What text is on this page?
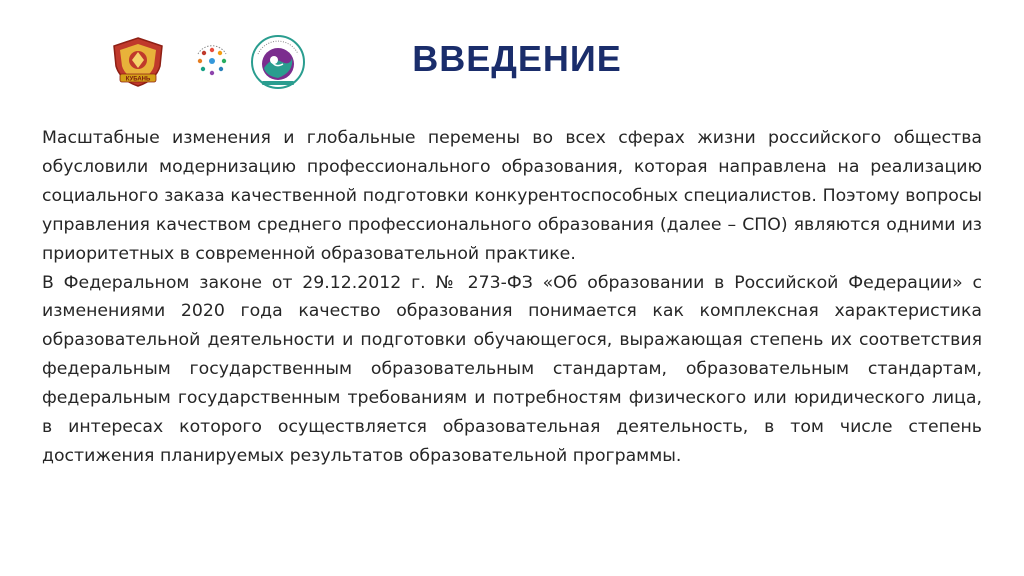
КУБАНЬ
ВВЕДЕНИЕ

Масштабные изменения и глобальные перемены во всех сферах жизни российского общества обусловили модернизацию профессионального образования, которая направлена на реализацию социального заказа качественной подготовки конкурентоспособных специалистов. Поэтому вопросы управления качеством среднего профессионального образования (далее – СПО) являются одними из приоритетных в современной образовательной практике.

В Федеральном законе от 29.12.2012 г. № 273-ФЗ «Об образовании в Российской Федерации» с изменениями 2020 года качество образования понимается как комплексная характеристика образовательной деятельности и подготовки обучающегося, выражающая степень их соответствия федеральным государственным образовательным стандартам, образовательным стандартам, федеральным государственным требованиям и потребностям физического или юридического лица, в интересах которого осуществляется образовательная деятельность, в том числе степень достижения планируемых результатов образовательной программы.
